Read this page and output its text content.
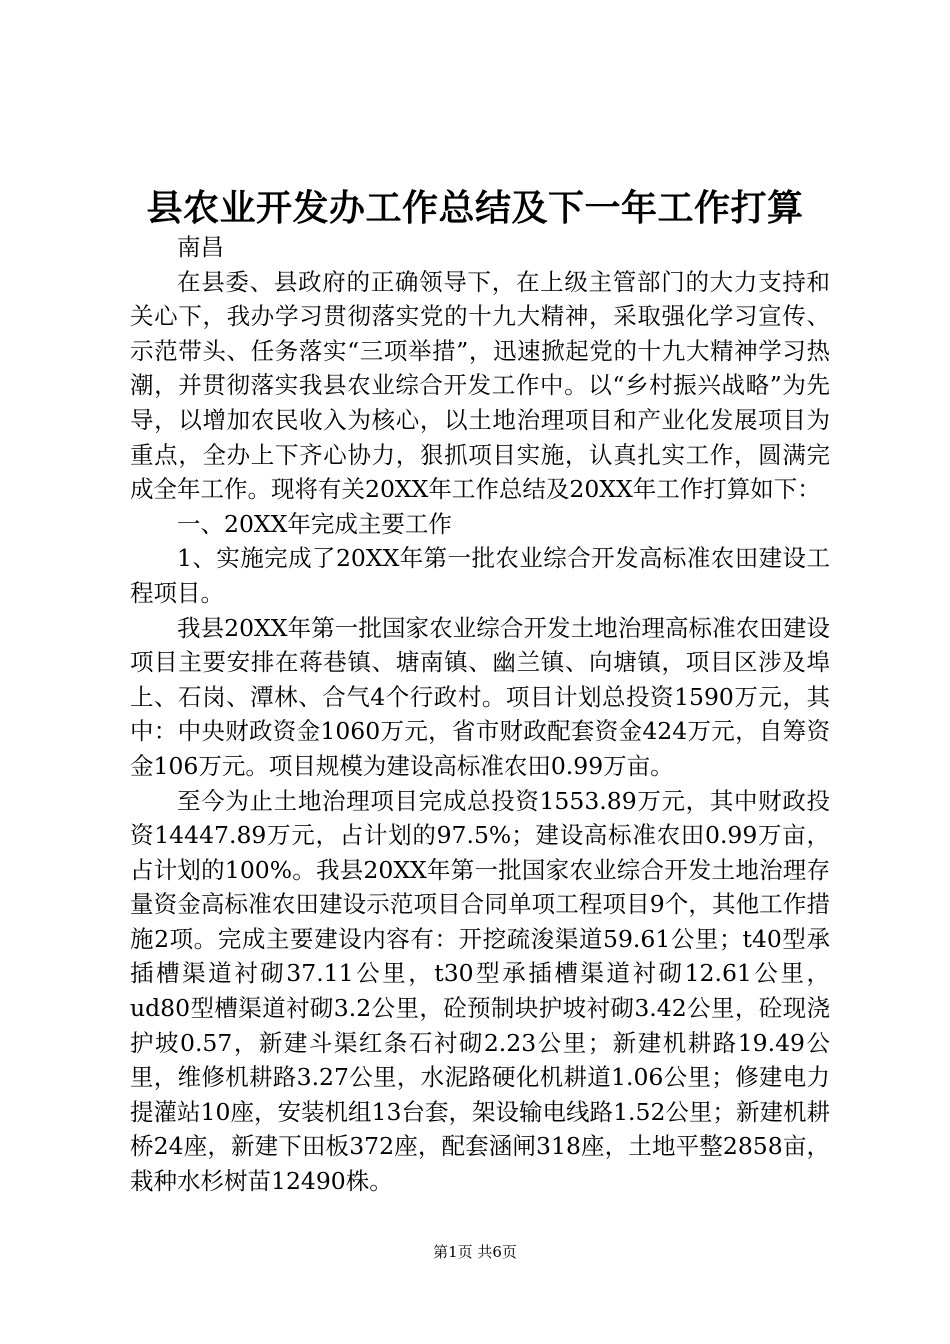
县农业开发办工作总结及下一年工作打算

南昌

在县委、县政府的正确领导下，在上级主管部门的大力支持和关心下，我办学习贯彻落实党的十九大精神，采取强化学习宣传、示范带头、任务落实“三项举措”，迅速掀起党的十九大精神学习热潮，并贯彻落实我县农业综合开发工作中。以“乡村振兴战略”为先导，以增加农民收入为核心，以土地治理项目和产业化发展项目为重点，全办上下齐心协力，狠抓项目实施，认真扎实工作，圆满完成全年工作。现将有关20XX年工作总结及20XX年工作打算如下：

一、20XX年完成主要工作

1、实施完成了20XX年第一批农业综合开发高标准农田建设工程项目。

我县20XX年第一批国家农业综合开发土地治理高标准农田建设项目主要安排在蒋巷镇、塘南镇、幽兰镇、向塘镇，项目区涉及埠上、石岗、潭林、合气4个行政村。项目计划总投资1590万元，其中：中央财政资金1060万元，省市财政配套资金424万元，自筹资金106万元。项目规模为建设高标准农田0.99万亩。

至今为止土地治理项目完成总投资1553.89万元，其中财政投资14447.89万元，占计划的97.5%；建设高标准农田0.99万亩，占计划的100%。我县20XX年第一批国家农业综合开发土地治理存量资金高标准农田建设示范项目合同单项工程项目9个，其他工作措施2项。完成主要建设内容有：开挖疏浚渠道59.61公里；t40型承插槽渠道衬砌37.11公里，t30型承插槽渠道衬砌12.61公里，ud80型槽渠道衬砌3.2公里，砼预制块护坡衬砌3.42公里，砼现浇护坡0.57，新建斗渠红条石衬砌2.23公里；新建机耕路19.49公里，维修机耕路3.27公里，水泥路硬化机耕道1.06公里；修建电力提灌站10座，安装机组13台套，架设输电线路1.52公里；新建机耕桥24座，新建下田板372座，配套涵闸318座，土地平整2858亩，栽种水杉树苗12490株。

第1页 共6页
